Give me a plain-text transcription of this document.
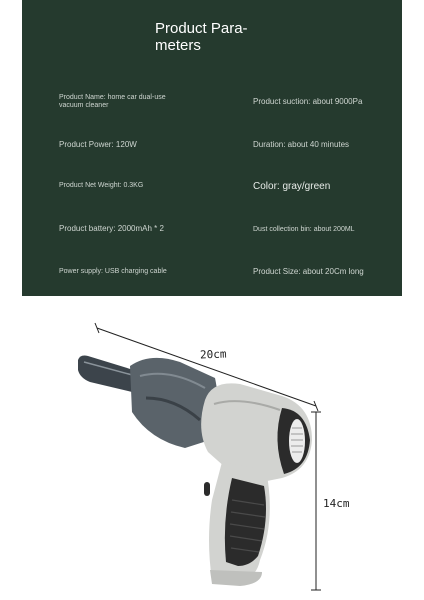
Product Para-
meters
Product Name: home car dual-use
vacuum cleaner	Product suction: about 9000Pa
Product Power: 120W	Duration: about 40 minutes
Product Net Weight: 0.3KG	Color: gray/green
Product battery: 2000mAh * 2	Dust collection bin: about 200ML
Power supply: USB charging cable	Product Size: about 20Cm long
20cm
14cm
